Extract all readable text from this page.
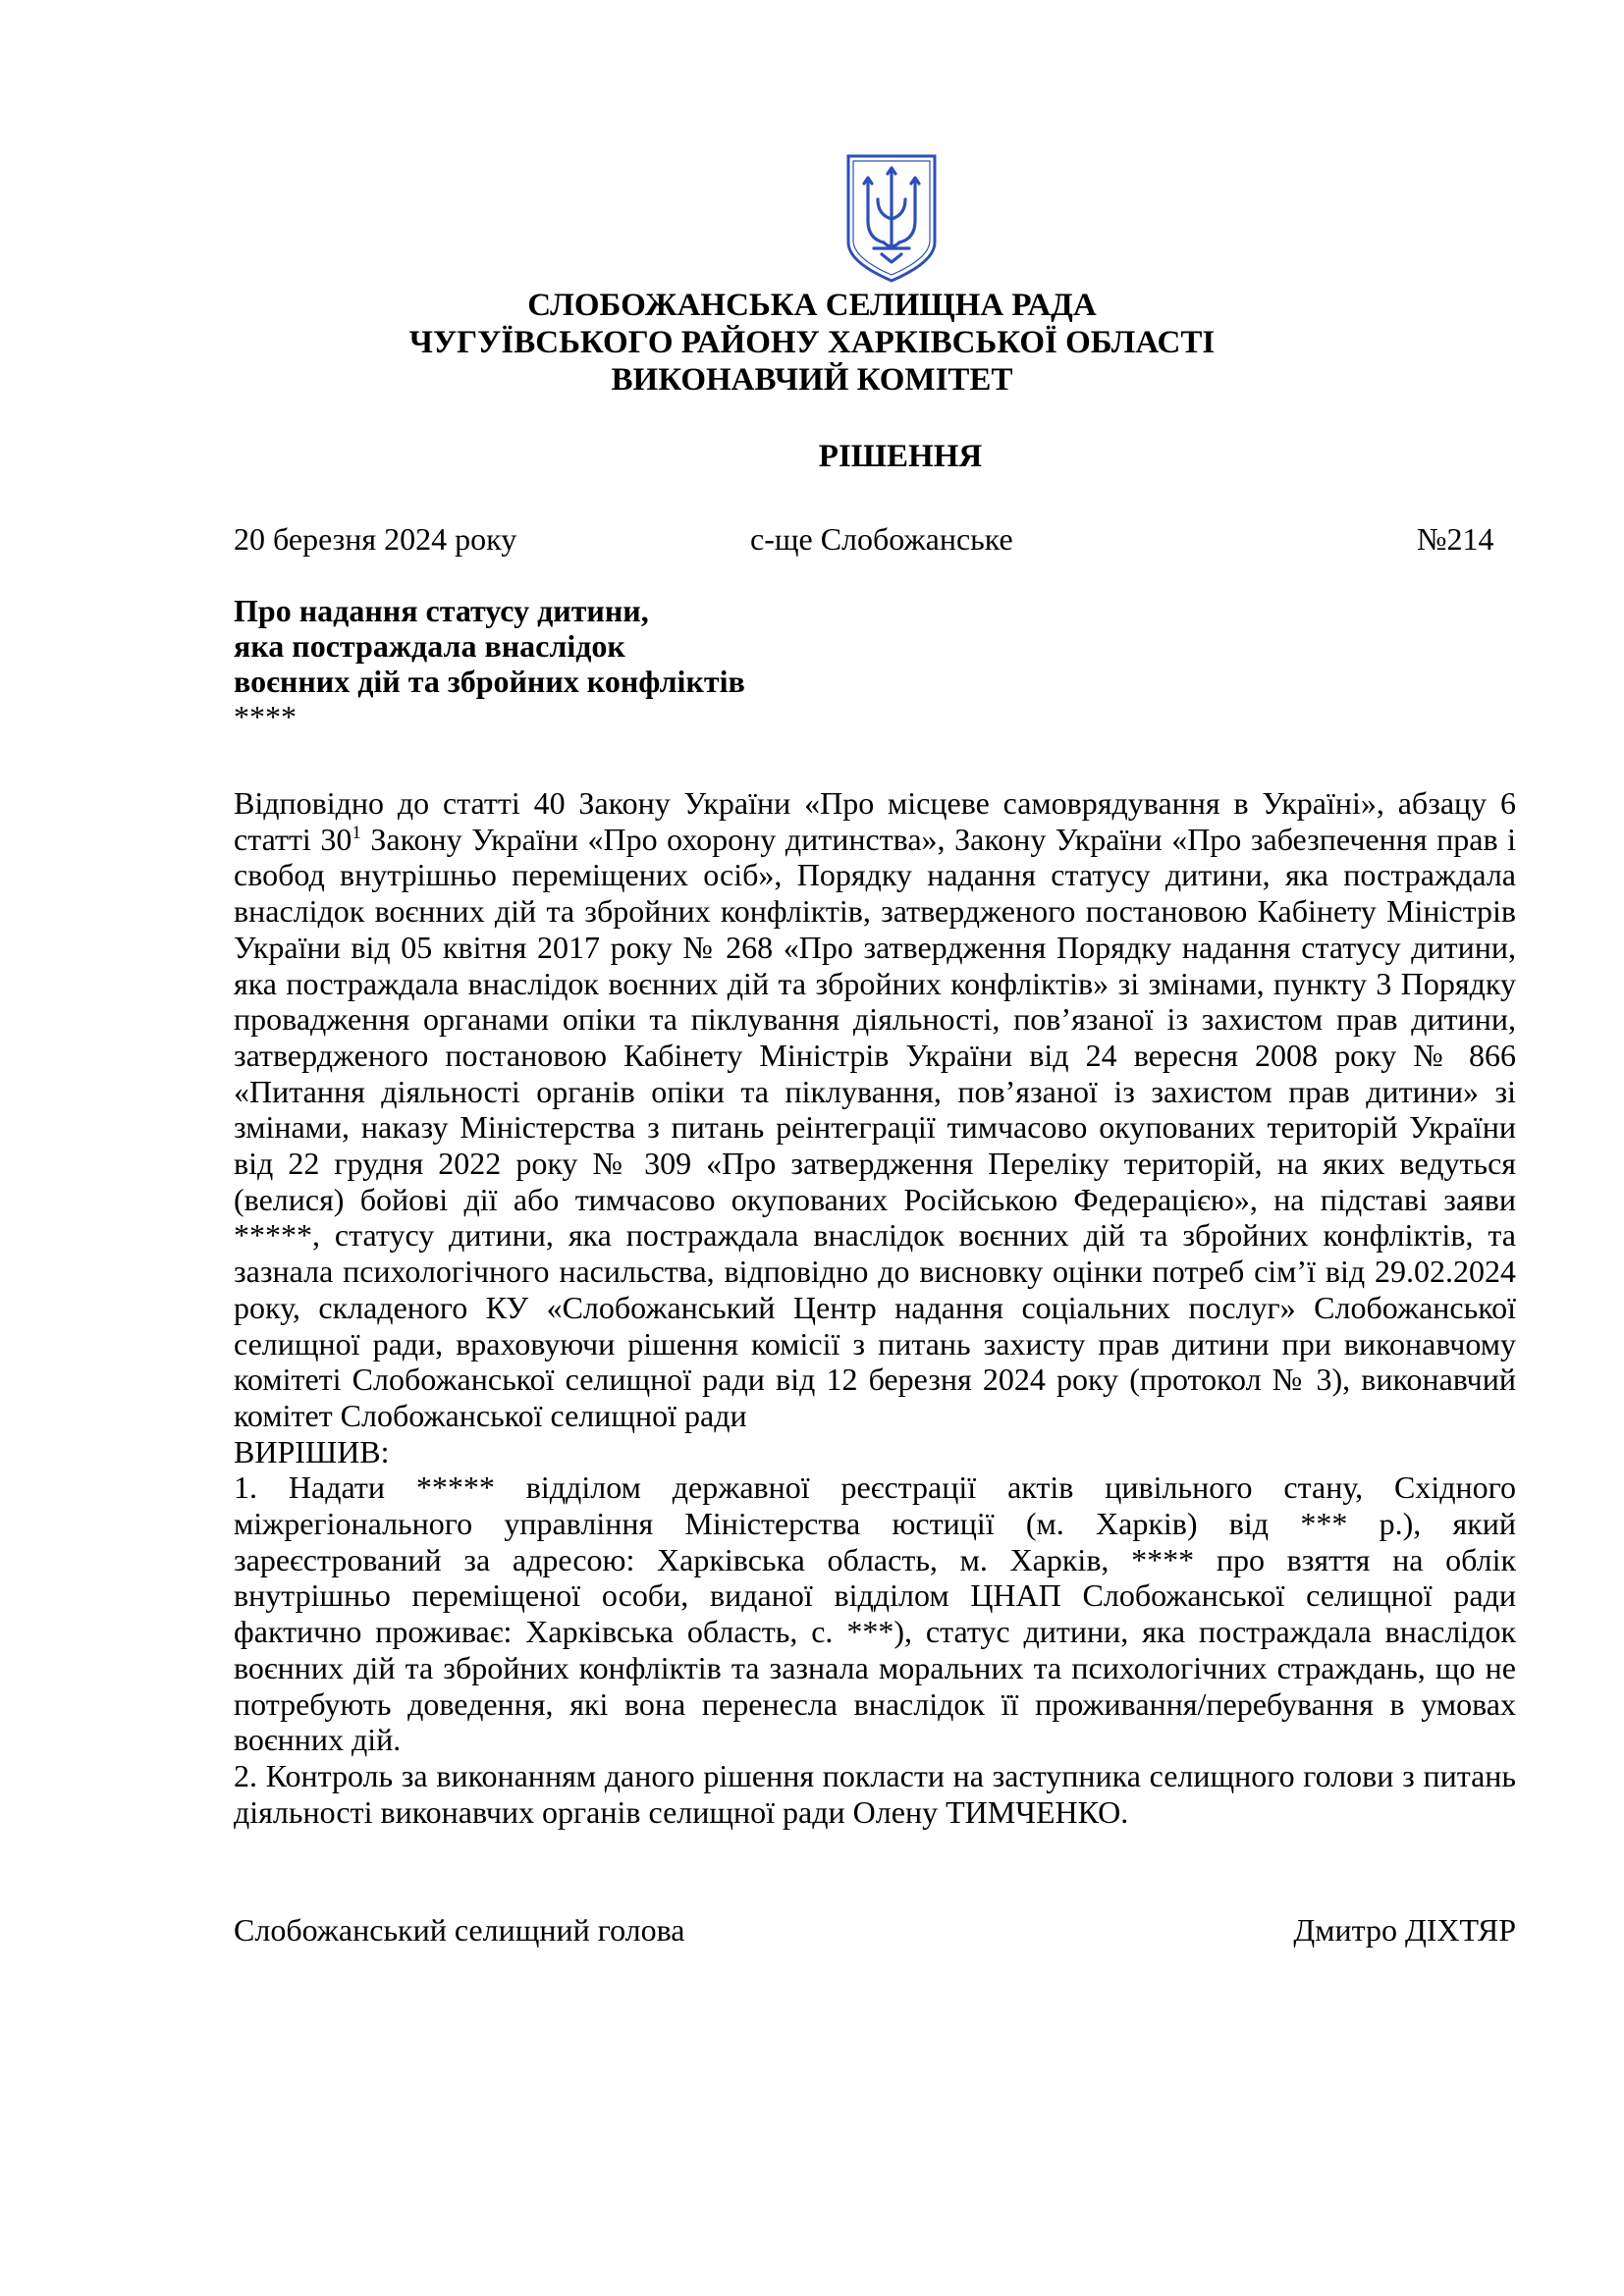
СЛОБОЖАНСЬКА СЕЛИЩНА РАДА
ЧУГУЇВСЬКОГО РАЙОНУ ХАРКІВСЬКОЇ ОБЛАСТІ
ВИКОНАВЧИЙ КОМІТЕТ
РІШЕННЯ
20 березня 2024 року	с-ще Слобожанське	№214
Про надання статусу дитини,
яка постраждала внаслідок
воєнних дій та збройних конфліктів
****

Відповідно до статті 40 Закону України «Про місцеве самоврядування в Україні», абзацу 6 статті $30^1$ Закону України «Про охорону дитинства», Закону України «Про забезпечення прав і свобод внутрішньо переміщених осіб», Порядку надання статусу дитини, яка постраждала внаслідок воєнних дій та збройних конфліктів, затвердженого постановою Кабінету Міністрів України від 05 квітня 2017 року № 268 «Про затвердження Порядку надання статусу дитини, яка постраждала внаслідок воєнних дій та збройних конфліктів» зі змінами, пункту 3 Порядку провадження органами опіки та піклування діяльності, пов’язаної із захистом прав дитини, затвердженого постановою Кабінету Міністрів України від 24 вересня 2008 року № 866 «Питання діяльності органів опіки та піклування, пов’язаної із захистом прав дитини» зі змінами, наказу Міністерства з питань реінтеграції тимчасово окупованих територій України від 22 грудня 2022 року № 309 «Про затвердження Переліку територій, на яких ведуться (велися) бойові дії або тимчасово окупованих Російською Федерацією», на підставі заяви *****, статусу дитини, яка постраждала внаслідок воєнних дій та збройних конфліктів, та зазнала психологічного насильства, відповідно до висновку оцінки потреб сім’ї від 29.02.2024 року, складеного КУ «Слобожанський Центр надання соціальних послуг» Слобожанської селищної ради, враховуючи рішення комісії з питань захисту прав дитини при виконавчому комітеті Слобожанської селищної ради від 12 березня 2024 року (протокол № 3), виконавчий комітет Слобожанської селищної ради

ВИРІШИВ:

1. Надати ***** відділом державної реєстрації актів цивільного стану, Східного міжрегіонального управління Міністерства юстиції (м. Харків) від *** р.), який зареєстрований за адресою: Харківська область, м. Харків, **** про взяття на облік внутрішньо переміщеної особи, виданої відділом ЦНАП Слобожанської селищної ради фактично проживає: Харківська область, с. ***), статус дитини, яка постраждала внаслідок воєнних дій та збройних конфліктів та зазнала моральних та психологічних страждань, що не потребують доведення, які вона перенесла внаслідок її проживання/перебування в умовах воєнних дій.

2. Контроль за виконанням даного рішення покласти на заступника селищного голови з питань діяльності виконавчих органів селищної ради Олену ТИМЧЕНКО.

Слобожанський селищний голова	Дмитро ДІХТЯР
